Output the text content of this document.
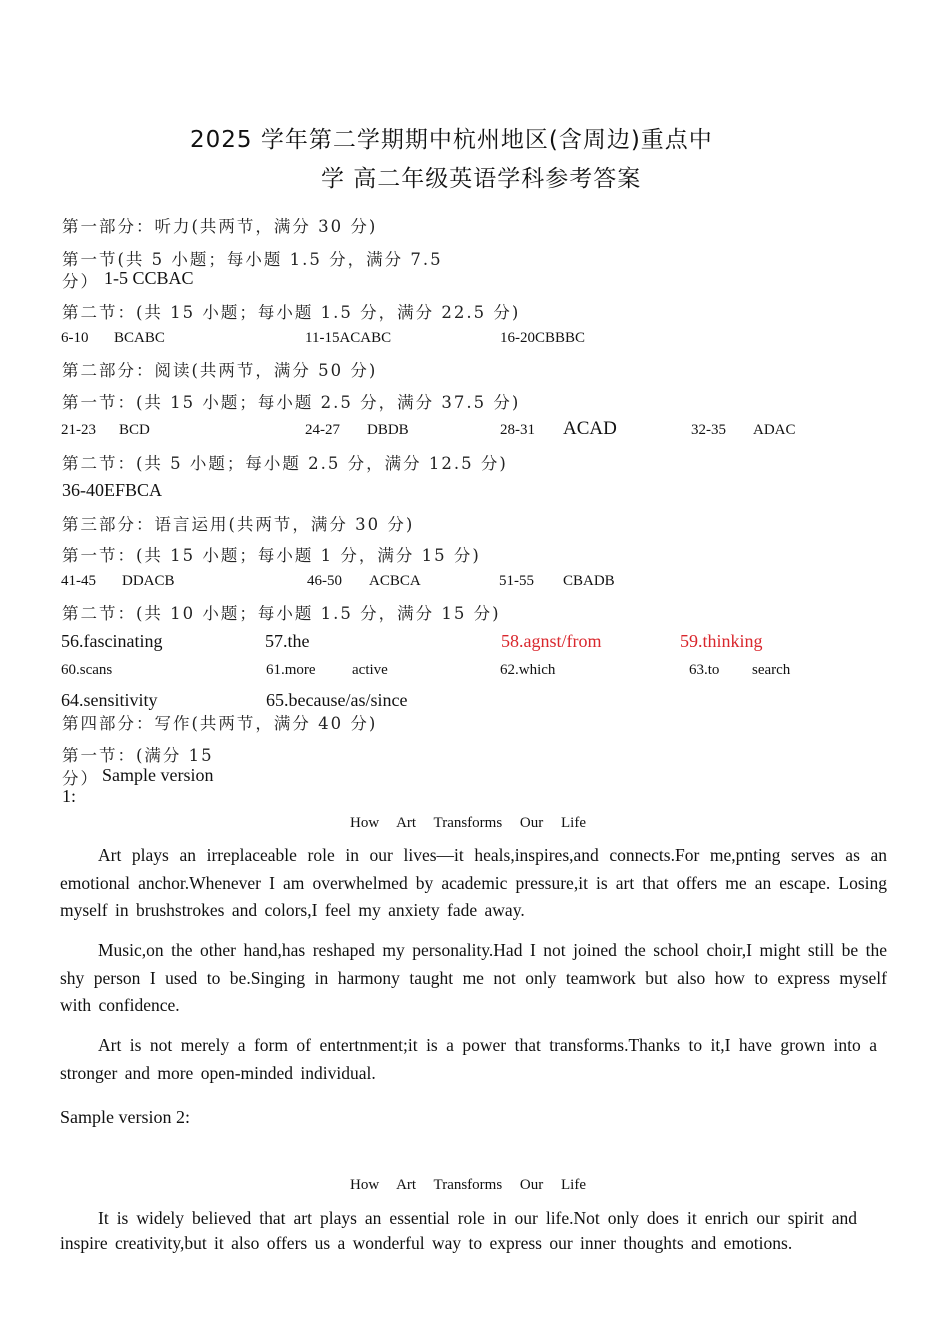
2025 学年第二学期期中杭州地区(含周边)重点中
学 高二年级英语学科参考答案
第一部分：听力(共两节，满分 30 分)
第一节(共 5 小题；每小题 1.5 分，满分 7.5
分） 1-5 CCBAC
第二节：(共 15 小题；每小题 1.5 分，满分 22.5 分)
6-10 BCABC	11-15ACABC	16-20CBBBC
第二部分：阅读(共两节，满分 50 分)
第一节：(共 15 小题；每小题 2.5 分，满分 37.5 分)
21-23 BCD	24-27 DBDB	28-31 ACAD	32-35 ADAC
第二节：(共 5 小题；每小题 2.5 分，满分 12.5 分)
36-40EFBCA
第三部分：语言运用(共两节，满分 30 分)
第一节：(共 15 小题；每小题 1 分，满分 15 分)
41-45 DDACB	46-50 ACBCA	51-55 CBADB
第二节：(共 10 小题；每小题 1.5 分，满分 15 分)
56.fascinating	57.the	58.agnst/from	59.thinking
60.scans	61.more active	62.which	63.to search
64.sensitivity	65.because/as/since
第四部分：写作(共两节，满分 40 分)
第一节：(满分 15
分） Sample version
1:
How Art Transforms Our Life
Art plays an irreplaceable role in our lives—it heals,inspires,and connects.For me,pnting serves as an emotional anchor.Whenever I am overwhelmed by academic pressure,it is art that offers me an escape. Losing myself in brushstrokes and colors,I feel my anxiety fade away.
Music,on the other hand,has reshaped my personality.Had I not joined the school choir,I might still be the shy person I used to be.Singing in harmony taught me not only teamwork but also how to express myself with confidence.
Art is not merely a form of entertnment;it is a power that transforms.Thanks to it,I have grown into a stronger and more open-minded individual.
Sample version 2:
How Art Transforms Our Life
It is widely believed that art plays an essential role in our life.Not only does it enrich our spirit and inspire creativity,but it also offers us a wonderful way to express our inner thoughts and emotions.
